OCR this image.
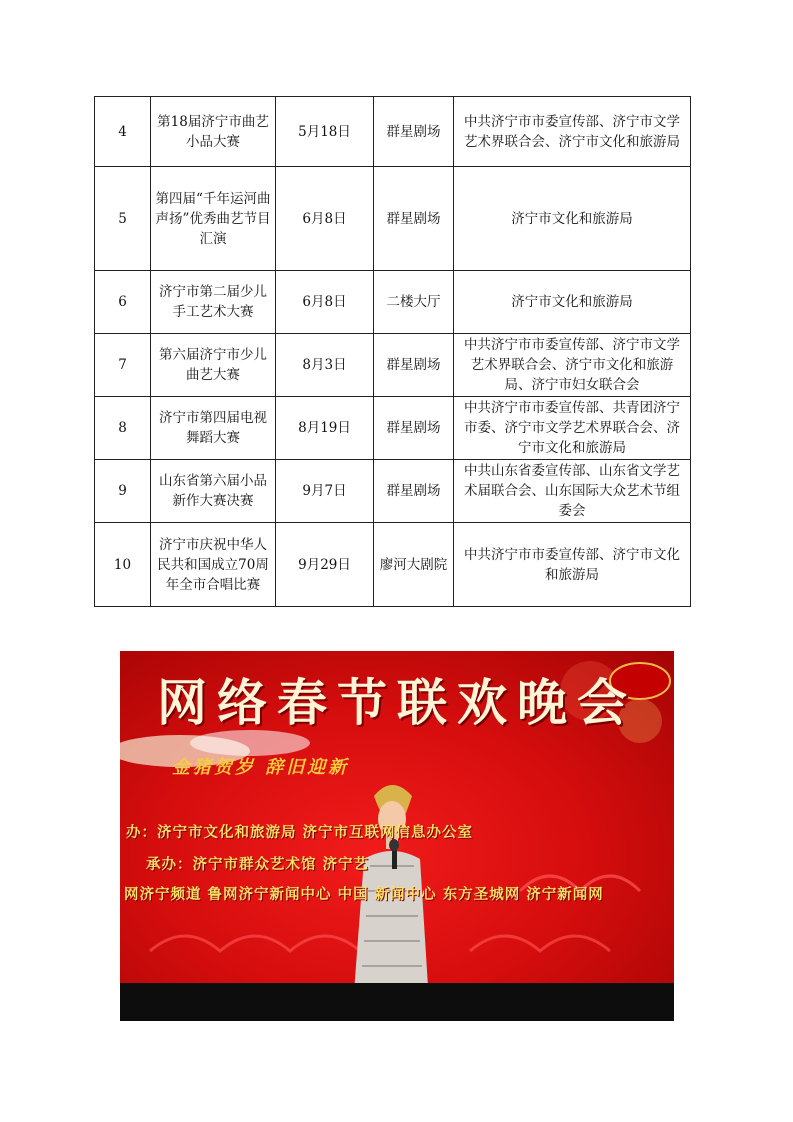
4	第18届济宁市曲艺小品大赛	5月18日	群星剧场	中共济宁市市委宣传部、济宁市文学艺术界联合会、济宁市文化和旅游局
5	第四届“千年运河曲声扬”优秀曲艺节目汇演	6月8日	群星剧场	济宁市文化和旅游局
6	济宁市第二届少儿手工艺术大赛	6月8日	二楼大厅	济宁市文化和旅游局
7	第六届济宁市少儿曲艺大赛	8月3日	群星剧场	中共济宁市市委宣传部、济宁市文学艺术界联合会、济宁市文化和旅游局、济宁市妇女联合会
8	济宁市第四届电视舞蹈大赛	8月19日	群星剧场	中共济宁市市委宣传部、共青团济宁市委、济宁市文学艺术界联合会、济宁市文化和旅游局
9	山东省第六届小品新作大赛决赛	9月7日	群星剧场	中共山东省委宣传部、山东省文学艺术届联合会、山东国际大众艺术节组委会
10	济宁市庆祝中华人民共和国成立70周年全市合唱比赛	9月29日	廖河大剧院	中共济宁市市委宣传部、济宁市文化和旅游局
网络春节联欢晚会
金猪贺岁 辞旧迎新
办：济宁市文化和旅游局 济宁市互联网信息办公室
承办：济宁市群众艺术馆 济宁艺
网济宁频道 鲁网济宁新闻中心 中国 新闻中心 东方圣城网 济宁新闻网
